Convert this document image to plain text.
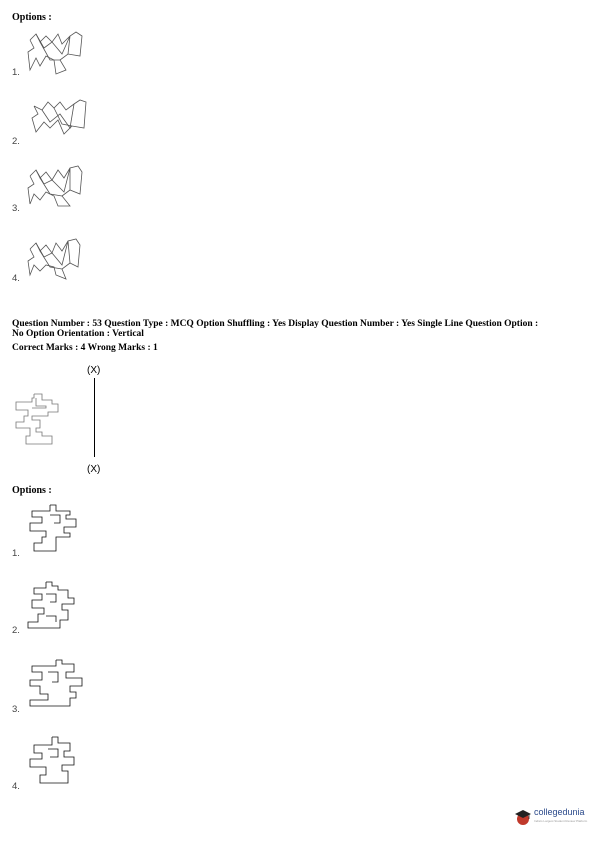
Options :
1.
2.
3.
4.
Question Number : 53 Question Type : MCQ Option Shuffling : Yes Display Question Number : Yes Single Line Question Option :
No Option Orientation : Vertical
Correct Marks : 4 Wrong Marks : 1
(X)
(X)
Options :
1.
2.
3.
4.
collegedunia
India's Largest Student Review Platform
